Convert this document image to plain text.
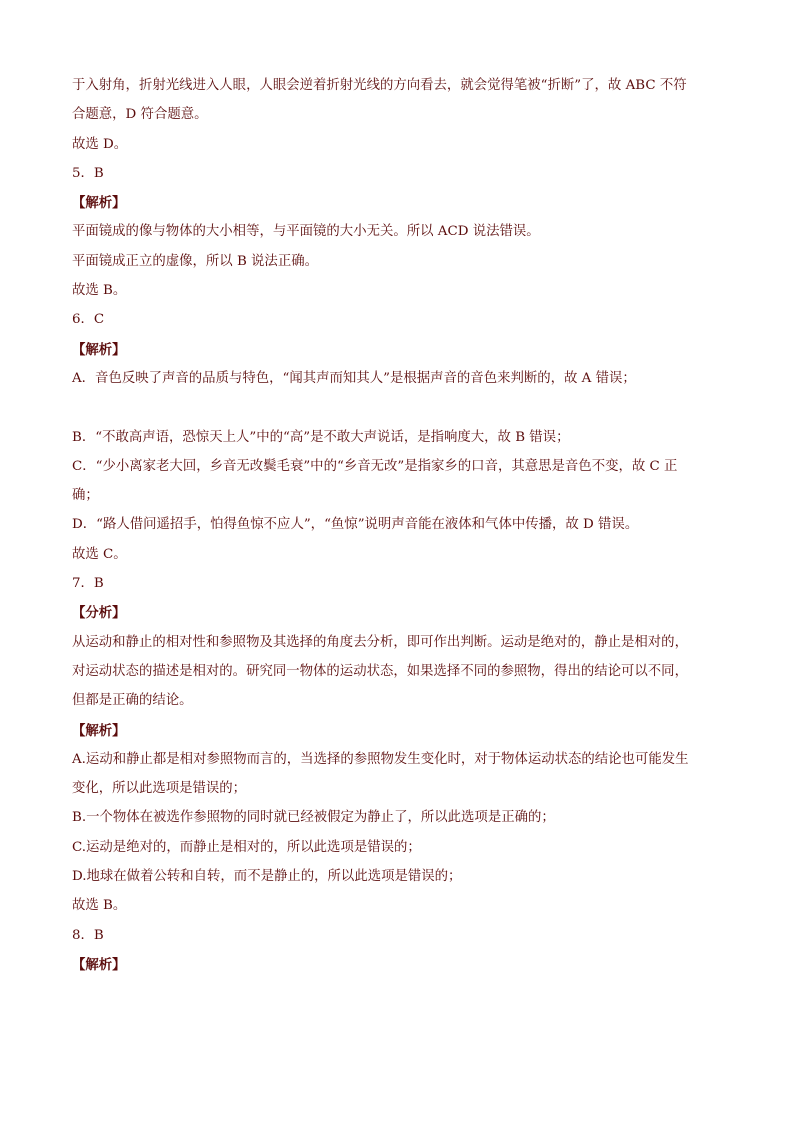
于入射角，折射光线进入人眼，人眼会逆着折射光线的方向看去，就会觉得笔被“折断”了，故 ABC 不符
合题意，D 符合题意。
故选 D。
5．B
【解析】
平面镜成的像与物体的大小相等，与平面镜的大小无关。所以 ACD 说法错误。
平面镜成正立的虚像，所以 B 说法正确。
故选 B。
6．C
【解析】
A．音色反映了声音的品质与特色，“闻其声而知其人”是根据声音的音色来判断的，故 A 错误；
B．“不敢高声语，恐惊天上人”中的“高”是不敢大声说话，是指响度大，故 B 错误；
C．“少小离家老大回，乡音无改鬓毛衰”中的“乡音无改”是指家乡的口音，其意思是音色不变，故 C 正
确；
D．“路人借问遥招手，怕得鱼惊不应人”，“鱼惊”说明声音能在液体和气体中传播，故 D 错误。
故选 C。
7．B
【分析】
从运动和静止的相对性和参照物及其选择的角度去分析，即可作出判断。运动是绝对的，静止是相对的，
对运动状态的描述是相对的。研究同一物体的运动状态，如果选择不同的参照物，得出的结论可以不同，
但都是正确的结论。
【解析】
A.运动和静止都是相对参照物而言的，当选择的参照物发生变化时，对于物体运动状态的结论也可能发生
变化，所以此选项是错误的；
B.一个物体在被选作参照物的同时就已经被假定为静止了，所以此选项是正确的；
C.运动是绝对的，而静止是相对的，所以此选项是错误的；
D.地球在做着公转和自转，而不是静止的，所以此选项是错误的；
故选 B。
8．B
【解析】
